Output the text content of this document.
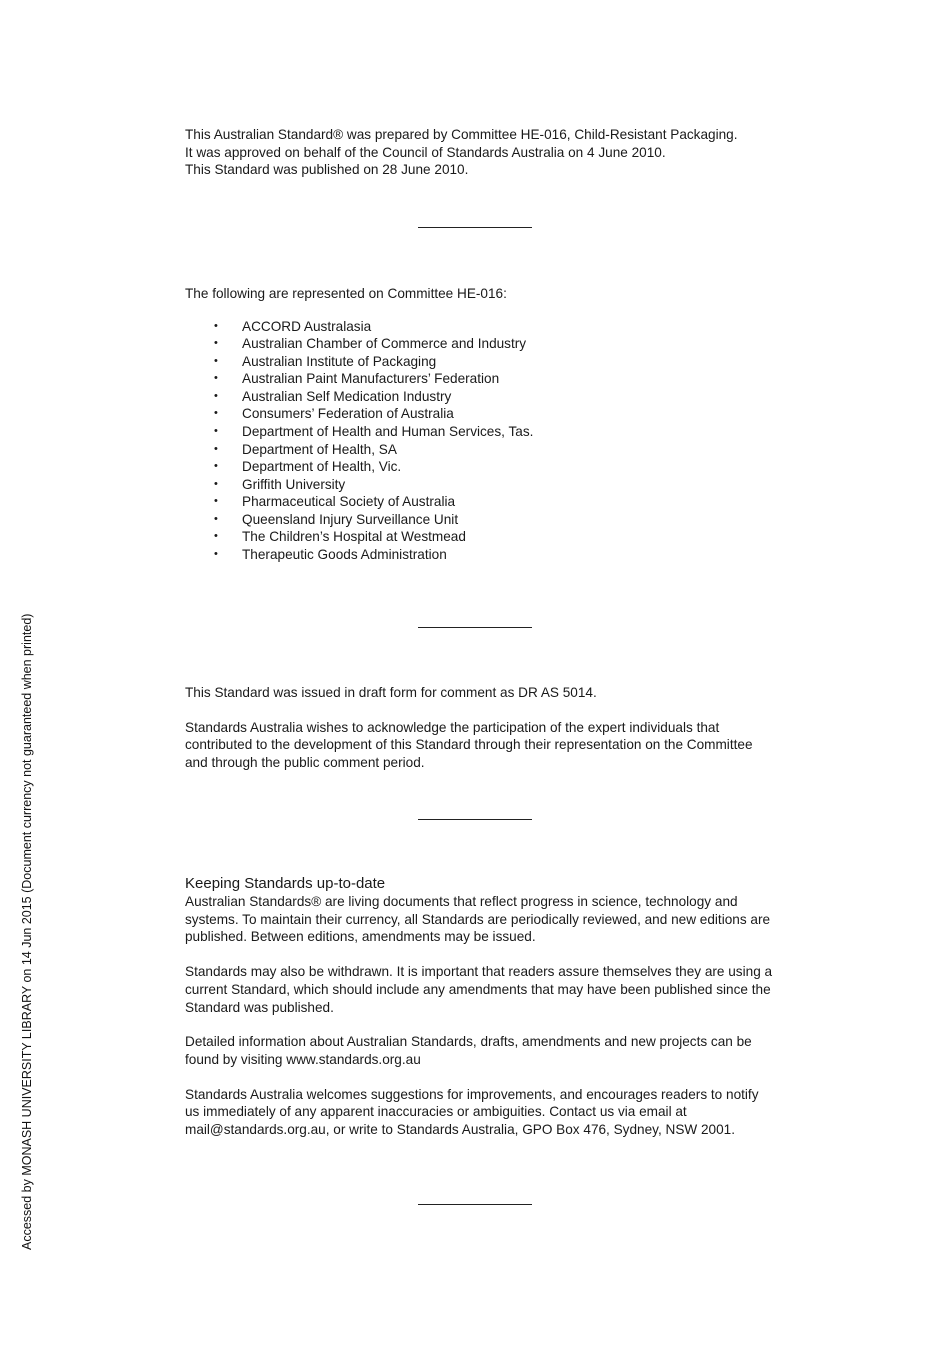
This Australian Standard® was prepared by Committee HE-016, Child-Resistant Packaging.

It was approved on behalf of the Council of Standards Australia on 4 June 2010.

This Standard was published on 28 June 2010.

The following are represented on Committee HE-016:

• ACCORD Australasia
• Australian Chamber of Commerce and Industry
• Australian Institute of Packaging
• Australian Paint Manufacturers’ Federation
• Australian Self Medication Industry
• Consumers’ Federation of Australia
• Department of Health and Human Services, Tas.
• Department of Health, SA
• Department of Health, Vic.
• Griffith University
• Pharmaceutical Society of Australia
• Queensland Injury Surveillance Unit
• The Children’s Hospital at Westmead
• Therapeutic Goods Administration

This Standard was issued in draft form for comment as DR AS 5014.

Standards Australia wishes to acknowledge the participation of the expert individuals that contributed to the development of this Standard through their representation on the Committee and through the public comment period.

Keeping Standards up-to-date

Australian Standards® are living documents that reflect progress in science, technology and systems. To maintain their currency, all Standards are periodically reviewed, and new editions are published. Between editions, amendments may be issued.

Standards may also be withdrawn. It is important that readers assure themselves they are using a current Standard, which should include any amendments that may have been published since the Standard was published.

Detailed information about Australian Standards, drafts, amendments and new projects can be found by visiting www.standards.org.au

Standards Australia welcomes suggestions for improvements, and encourages readers to notify us immediately of any apparent inaccuracies or ambiguities. Contact us via email at mail@standards.org.au, or write to Standards Australia, GPO Box 476, Sydney, NSW 2001.

Accessed by MONASH UNIVERSITY LIBRARY on 14 Jun 2015 (Document currency not guaranteed when printed)
